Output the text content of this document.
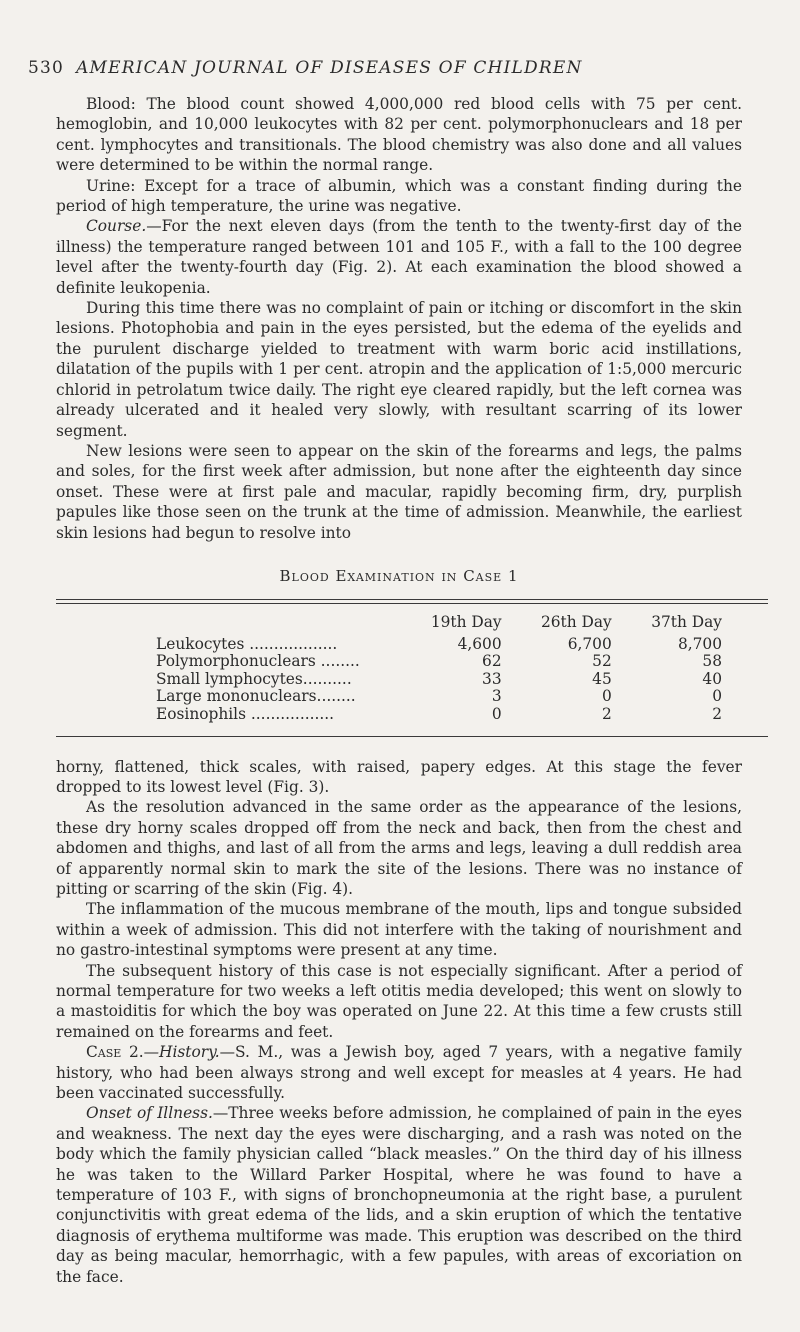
530 AMERICAN JOURNAL OF DISEASES OF CHILDREN

Blood: The blood count showed 4,000,000 red blood cells with 75 per cent. hemoglobin, and 10,000 leukocytes with 82 per cent. polymorphonuclears and 18 per cent. lymphocytes and transitionals. The blood chemistry was also done and all values were determined to be within the normal range.

Urine: Except for a trace of albumin, which was a constant finding during the period of high temperature, the urine was negative.

Course.—For the next eleven days (from the tenth to the twenty-first day of the illness) the temperature ranged between 101 and 105 F., with a fall to the 100 degree level after the twenty-fourth day (Fig. 2). At each examination the blood showed a definite leukopenia.

During this time there was no complaint of pain or itching or discomfort in the skin lesions. Photophobia and pain in the eyes persisted, but the edema of the eyelids and the purulent discharge yielded to treatment with warm boric acid instillations, dilatation of the pupils with 1 per cent. atropin and the application of 1:5,000 mercuric chlorid in petrolatum twice daily. The right eye cleared rapidly, but the left cornea was already ulcerated and it healed very slowly, with resultant scarring of its lower segment.

New lesions were seen to appear on the skin of the forearms and legs, the palms and soles, for the first week after admission, but none after the eighteenth day since onset. These were at first pale and macular, rapidly becoming firm, dry, purplish papules like those seen on the trunk at the time of admission. Meanwhile, the earliest skin lesions had begun to resolve into

Blood Examination in Case 1
	19th Day	26th Day	37th Day
Leukocytes ..................	4,600	6,700	8,700
Polymorphonuclears ........	62	52	58
Small lymphocytes..........	33	45	40
Large mononuclears........	3	0	0
Eosinophils .................	0	2	2

horny, flattened, thick scales, with raised, papery edges. At this stage the fever dropped to its lowest level (Fig. 3).

As the resolution advanced in the same order as the appearance of the lesions, these dry horny scales dropped off from the neck and back, then from the chest and abdomen and thighs, and last of all from the arms and legs, leaving a dull reddish area of apparently normal skin to mark the site of the lesions. There was no instance of pitting or scarring of the skin (Fig. 4).

The inflammation of the mucous membrane of the mouth, lips and tongue subsided within a week of admission. This did not interfere with the taking of nourishment and no gastro-intestinal symptoms were present at any time.

The subsequent history of this case is not especially significant. After a period of normal temperature for two weeks a left otitis media developed; this went on slowly to a mastoiditis for which the boy was operated on June 22. At this time a few crusts still remained on the forearms and feet.

Case 2.—History.—S. M., was a Jewish boy, aged 7 years, with a negative family history, who had been always strong and well except for measles at 4 years. He had been vaccinated successfully.

Onset of Illness.—Three weeks before admission, he complained of pain in the eyes and weakness. The next day the eyes were discharging, and a rash was noted on the body which the family physician called “black measles.” On the third day of his illness he was taken to the Willard Parker Hospital, where he was found to have a temperature of 103 F., with signs of bronchopneumonia at the right base, a purulent conjunctivitis with great edema of the lids, and a skin eruption of which the tentative diagnosis of erythema multiforme was made. This eruption was described on the third day as being macular, hemorrhagic, with a few papules, with areas of excoriation on the face.
